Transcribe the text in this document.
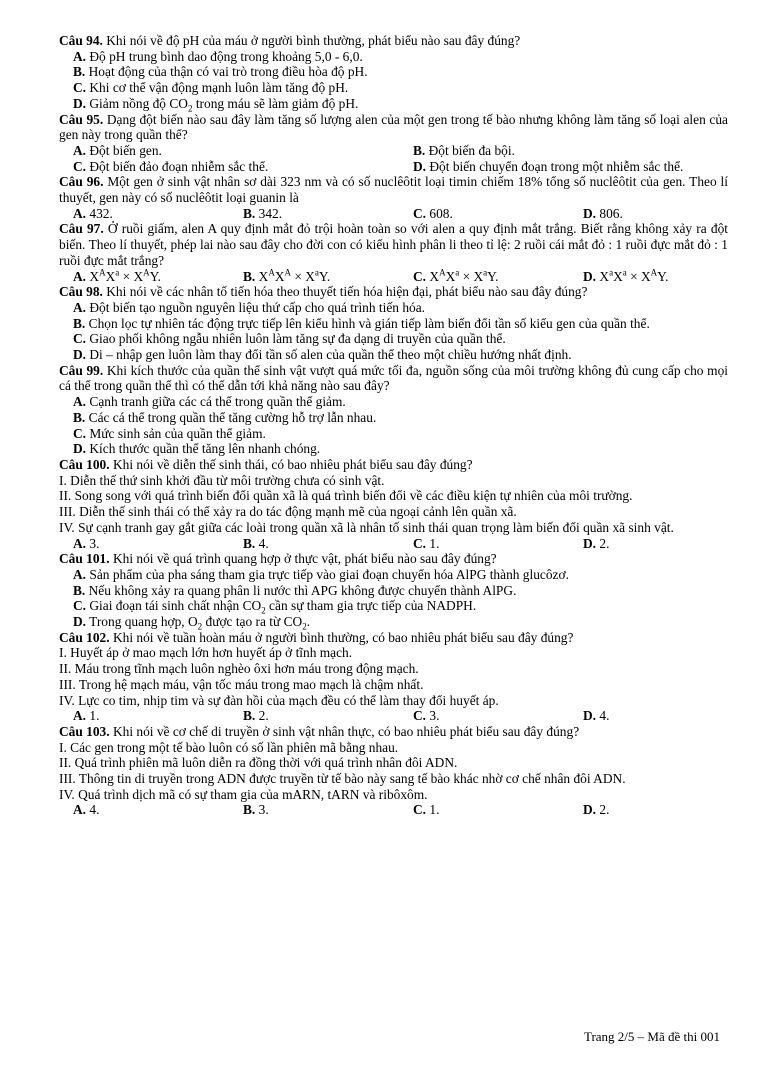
Câu 94. Khi nói về độ pH của máu ở người bình thường, phát biểu nào sau đây đúng?
A. Độ pH trung bình dao động trong khoảng 5,0 - 6,0.
B. Hoạt động của thận có vai trò trong điều hòa độ pH.
C. Khi cơ thể vận động mạnh luôn làm tăng độ pH.
D. Giảm nồng độ $CO_2$ trong máu sẽ làm giảm độ pH.
Câu 95. Dạng đột biến nào sau đây làm tăng số lượng alen của một gen trong tế bào nhưng không làm tăng số loại alen của gen này trong quần thể?
A. Đột biến gen.	B. Đột biến đa bội.
C. Đột biến đảo đoạn nhiễm sắc thể.	D. Đột biến chuyển đoạn trong một nhiễm sắc thể.
Câu 96. Một gen ở sinh vật nhân sơ dài 323 nm và có số nuclêôtit loại timin chiếm 18% tổng số nuclêôtit của gen. Theo lí thuyết, gen này có số nuclêôtit loại guanin là
A. 432.	B. 342.	C. 608.	D. 806.
Câu 97. Ở ruồi giấm, alen A quy định mắt đỏ trội hoàn toàn so với alen a quy định mắt trắng. Biết rằng không xảy ra đột biến. Theo lí thuyết, phép lai nào sau đây cho đời con có kiểu hình phân li theo tỉ lệ: 2 ruồi cái mắt đỏ : 1 ruồi đực mắt đỏ : 1 ruồi đực mắt trắng?
A. $X^AX^a \times X^AY$.	B. $X^AX^A \times X^aY$.	C. $X^AX^a \times X^aY$.	D. $X^aX^a \times X^AY$.
Câu 98. Khi nói về các nhân tố tiến hóa theo thuyết tiến hóa hiện đại, phát biểu nào sau đây đúng?
A. Đột biến tạo nguồn nguyên liệu thứ cấp cho quá trình tiến hóa.
B. Chọn lọc tự nhiên tác động trực tiếp lên kiểu hình và gián tiếp làm biến đổi tần số kiểu gen của quần thể.
C. Giao phối không ngẫu nhiên luôn làm tăng sự đa dạng di truyền của quần thể.
D. Di – nhập gen luôn làm thay đổi tần số alen của quần thể theo một chiều hướng nhất định.
Câu 99. Khi kích thước của quần thể sinh vật vượt quá mức tối đa, nguồn sống của môi trường không đủ cung cấp cho mọi cá thể trong quần thể thì có thể dẫn tới khả năng nào sau đây?
A. Cạnh tranh giữa các cá thể trong quần thể giảm.
B. Các cá thể trong quần thể tăng cường hỗ trợ lẫn nhau.
C. Mức sinh sản của quần thể giảm.
D. Kích thước quần thể tăng lên nhanh chóng.
Câu 100. Khi nói về diễn thế sinh thái, có bao nhiêu phát biểu sau đây đúng?
I. Diễn thế thứ sinh khởi đầu từ môi trường chưa có sinh vật.
II. Song song với quá trình biến đổi quần xã là quá trình biến đổi về các điều kiện tự nhiên của môi trường.
III. Diễn thế sinh thái có thể xảy ra do tác động mạnh mẽ của ngoại cảnh lên quần xã.
IV. Sự cạnh tranh gay gắt giữa các loài trong quần xã là nhân tố sinh thái quan trọng làm biến đổi quần xã sinh vật.
A. 3.	B. 4.	C. 1.	D. 2.
Câu 101. Khi nói về quá trình quang hợp ở thực vật, phát biểu nào sau đây đúng?
A. Sản phẩm của pha sáng tham gia trực tiếp vào giai đoạn chuyển hóa AlPG thành glucôzơ.
B. Nếu không xảy ra quang phân li nước thì APG không được chuyển thành AlPG.
C. Giai đoạn tái sinh chất nhận $CO_2$ cần sự tham gia trực tiếp của NADPH.
D. Trong quang hợp, $O_2$ được tạo ra từ $CO_2$.
Câu 102. Khi nói về tuần hoàn máu ở người bình thường, có bao nhiêu phát biểu sau đây đúng?
I. Huyết áp ở mao mạch lớn hơn huyết áp ở tĩnh mạch.
II. Máu trong tĩnh mạch luôn nghèo ôxi hơn máu trong động mạch.
III. Trong hệ mạch máu, vận tốc máu trong mao mạch là chậm nhất.
IV. Lực co tim, nhịp tim và sự đàn hồi của mạch đều có thể làm thay đổi huyết áp.
A. 1.	B. 2.	C. 3.	D. 4.
Câu 103. Khi nói về cơ chế di truyền ở sinh vật nhân thực, có bao nhiêu phát biểu sau đây đúng?
I. Các gen trong một tế bào luôn có số lần phiên mã bằng nhau.
II. Quá trình phiên mã luôn diễn ra đồng thời với quá trình nhân đôi ADN.
III. Thông tin di truyền trong ADN được truyền từ tế bào này sang tế bào khác nhờ cơ chế nhân đôi ADN.
IV. Quá trình dịch mã có sự tham gia của mARN, tARN và ribôxôm.
A. 4.	B. 3.	C. 1.	D. 2.
Trang 2/5 – Mã đề thi 001
